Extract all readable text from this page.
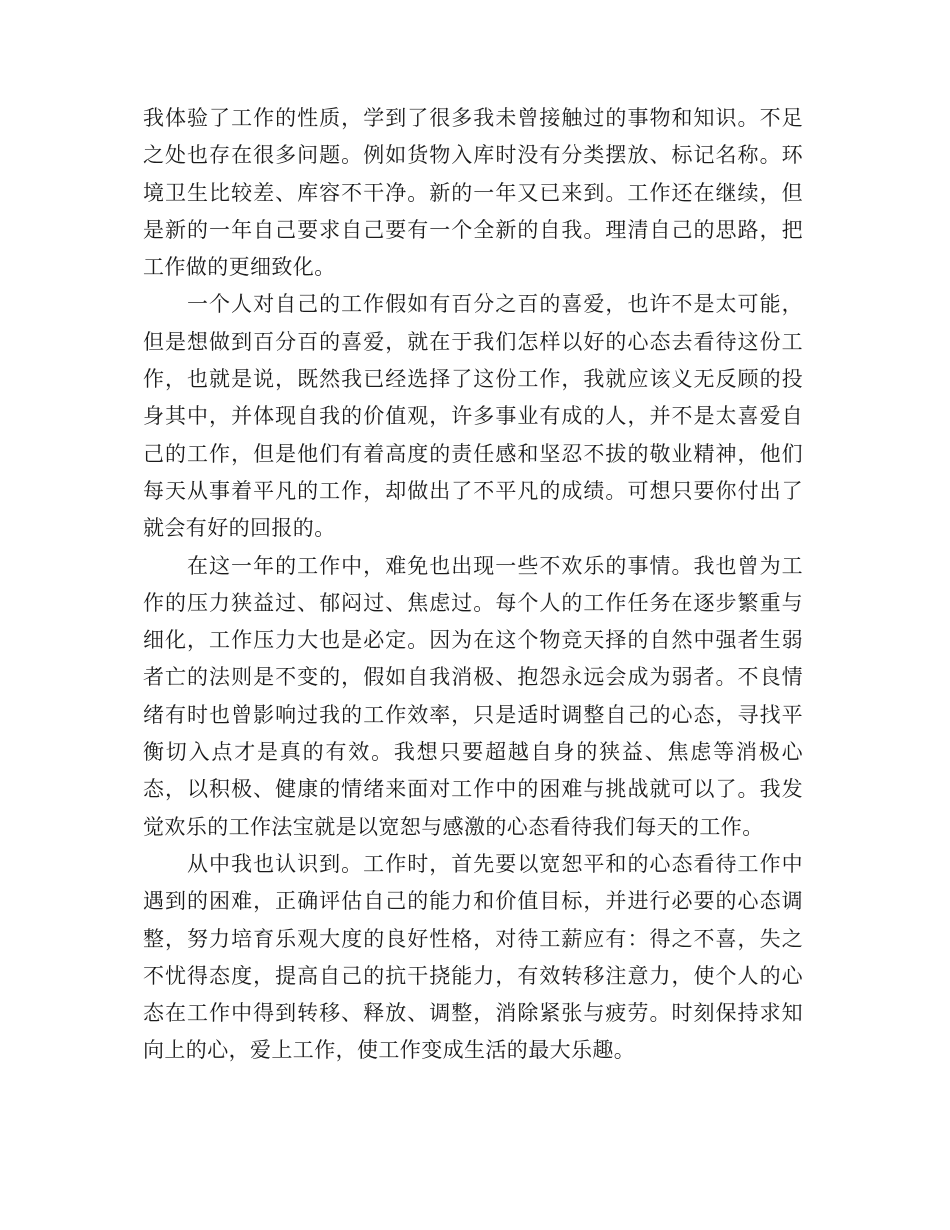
我体验了工作的性质，学到了很多我未曾接触过的事物和知识。不足之处也存在很多问题。例如货物入库时没有分类摆放、标记名称。环境卫生比较差、库容不干净。新的一年又已来到。工作还在继续，但是新的一年自己要求自己要有一个全新的自我。理清自己的思路，把工作做的更细致化。

一个人对自己的工作假如有百分之百的喜爱，也许不是太可能，但是想做到百分百的喜爱，就在于我们怎样以好的心态去看待这份工作，也就是说，既然我已经选择了这份工作，我就应该义无反顾的投身其中，并体现自我的价值观，许多事业有成的人，并不是太喜爱自己的工作，但是他们有着高度的责任感和坚忍不拔的敬业精神，他们每天从事着平凡的工作，却做出了不平凡的成绩。可想只要你付出了就会有好的回报的。

在这一年的工作中，难免也出现一些不欢乐的事情。我也曾为工作的压力狭益过、郁闷过、焦虑过。每个人的工作任务在逐步繁重与细化，工作压力大也是必定。因为在这个物竞天择的自然中强者生弱者亡的法则是不变的，假如自我消极、抱怨永远会成为弱者。不良情绪有时也曾影响过我的工作效率，只是适时调整自己的心态，寻找平衡切入点才是真的有效。我想只要超越自身的狭益、焦虑等消极心态，以积极、健康的情绪来面对工作中的困难与挑战就可以了。我发觉欢乐的工作法宝就是以宽恕与感激的心态看待我们每天的工作。

从中我也认识到。工作时，首先要以宽恕平和的心态看待工作中遇到的困难，正确评估自己的能力和价值目标，并进行必要的心态调整，努力培育乐观大度的良好性格，对待工薪应有：得之不喜，失之不忧得态度，提高自己的抗干挠能力，有效转移注意力，使个人的心态在工作中得到转移、释放、调整，消除紧张与疲劳。时刻保持求知向上的心，爱上工作，使工作变成生活的最大乐趣。
